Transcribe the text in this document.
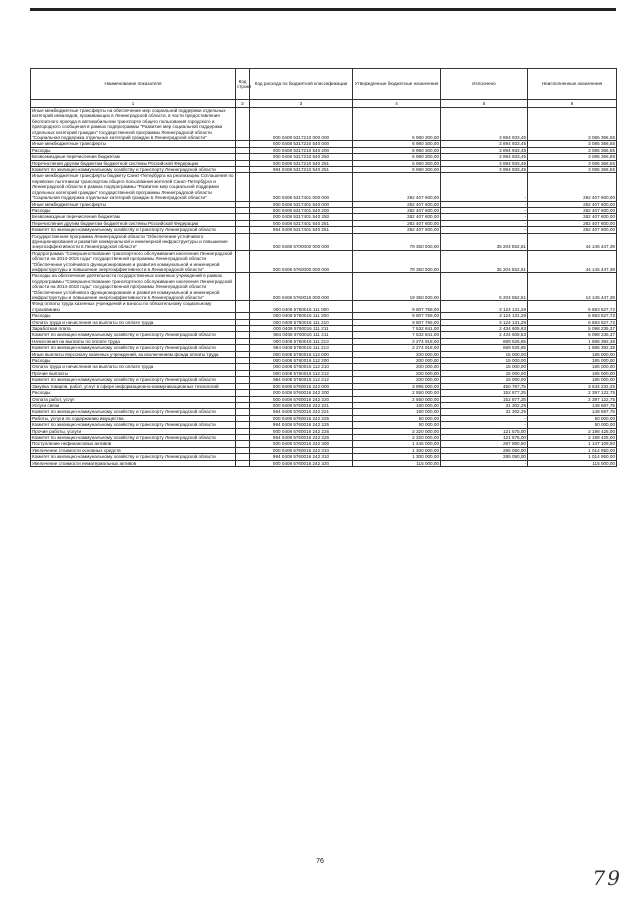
Наименование показателя	Код строки	Код расхода по бюджетной классификации	Утвержденные бюджетные назначения	Исполнено	Неисполненные назначения
1	2	3	4	5	6
Иные межбюджетные трансферты на обеспечение мер социальной поддержки отдельных категорий инвалидов, проживающих в Ленинградской области, в части предоставления бесплатного проезда в автомобильном транспорте общего пользования городского и пригородного сообщения в рамках подпрограммы "Развитие мер социальной поддержки отдельных категорий граждан" государственной программы Ленинградской области "Социальная поддержка отдельных категорий граждан в Ленинградской области"		000 0408 5317210 000 000	6 980 300,00	3 894 933,45	3 085 366,55
Иные межбюджетные трансферты		000 0408 5317210 540 000	6 980 300,00	3 894 933,45	3 085 366,55
Расходы		000 0408 5317210 540 200	6 980 300,00	3 894 933,45	3 085 366,55
Безвозмездные перечисления бюджетам		000 0408 5317210 540 250	6 980 300,00	3 894 933,45	3 085 366,55
Перечисления другим бюджетам бюджетной системы Российской Федерации		000 0408 5317210 540 251	6 980 300,00	3 894 933,45	3 085 366,55
Комитет по жилищно-коммунальному хозяйству и транспорту Ленинградской области		984 0408 5317210 540 251	6 980 300,00	3 894 933,45	3 085 366,55
Иные межбюджетные трансферты бюджету Санкт-Петербурга на реализацию Соглашения по перевозке льготником транспортом общего пользования жителей Санкт-Петербурга и Ленинградской области в рамках подпрограммы "Развитие мер социальной поддержки отдельных категорий граждан" государственной программы Ленинградской области "Социальная поддержка отдельных категорий граждан в Ленинградской области"		000 0408 5317401 000 000	282 407 600,00	-	282 407 600,00
Иные межбюджетные трансферты		000 0408 5317401 540 000	282 407 600,00	-	282 407 600,00
Расходы		000 0408 5317401 540 200	282 407 600,00	-	282 407 600,00
Безвозмездные перечисления бюджетам		000 0408 5317401 540 250	282 407 600,00	-	282 407 600,00
Перечисления другим бюджетам бюджетной системы Российской Федерации		000 0408 5317401 540 251	282 407 600,00	-	282 407 600,00
Комитет по жилищно-коммунальному хозяйству и транспорту Ленинградской области		984 0408 5317401 540 251	282 407 600,00	-	282 407 600,00
Государственная программа Ленинградской области "Обеспечение устойчивого функционирования и развития коммунальной и инженерной инфраструктуры и повышение энергоэффективности в Ленинградской области"		000 0408 5700000 000 000	79 350 000,00	35 204 552,61	44 145 447,39
Подпрограмма "Совершенствование транспортного обслуживания населения Ленинградской области на 2014-2018 годы" государственной программы Ленинградской области "Обеспечение устойчивого функционирования и развития коммунальной и инженерной инфраструктуры и повышение энергоэффективности в Ленинградской области"		000 0408 5760000 000 000	79 350 000,00	35 204 552,61	44 145 447,39
Расходы на обеспечение деятельности государственных казенных учреждений в рамках подпрограммы "Совершенствование транспортного обслуживания населения Ленинградской области на 2014-2018 годы" государственной программы Ленинградской области "Обеспечение устойчивого функционирования и развития коммунальной и инженерной инфраструктуры и повышение энергоэффективности в Ленинградской области"		000 0408 5760016 000 000	19 350 000,00	5 204 552,61	14 145 447,39
Фонд оплаты труда казенных учреждений и взносы по обязательному социальному страхованию		000 0408 5760016 111 000	9 807 759,00	3 124 131,28	6 683 627,72
Расходы		000 0408 5760016 111 200	9 807 759,00	3 124 131,28	6 683 627,72
Оплата труда и начисления на выплаты по оплате труда		000 0408 5760016 111 210	9 807 759,00	3 124 131,28	6 683 627,72
Заработная плата		000 0408 5760016 111 211	7 532 841,00	2 434 605,63	5 098 235,37
Комитет по жилищно-коммунальному хозяйству и транспорту Ленинградской области		984 0408 5760016 111 211	7 532 841,00	2 434 605,63	5 098 235,37
Начисления на выплаты по оплате труда		000 0408 5760016 111 213	2 274 918,00	689 525,65	1 585 392,35
Комитет по жилищно-коммунальному хозяйству и транспорту Ленинградской области		984 0408 5760016 111 213	2 274 918,00	689 525,65	1 585 392,35
Иные выплаты персоналу казенных учреждений, за исключением фонда оплаты труда		000 0408 5760016 112 000	200 000,00	15 000,00	185 000,00
Расходы		000 0408 5760016 112 200	200 000,00	15 000,00	185 000,00
Оплата труда и начисления на выплаты по оплате труда		000 0408 5760016 112 210	200 000,00	15 000,00	185 000,00
Прочие выплаты		000 0408 5760016 112 212	200 000,00	15 000,00	185 000,00
Комитет по жилищно-коммунальному хозяйству и транспорту Ленинградской области		984 0408 5760016 112 212	200 000,00	15 000,00	185 000,00
Закупка товаров, работ, услуг в сфере информационно-коммуникационных технологий		000 0408 5760016 242 000	3 995 000,00	450 767,75	3 544 232,25
Расходы		000 0408 5760016 242 200	2 550 000,00	152 877,25	2 397 122,75
Оплата работ, услуг		000 0408 5760016 242 220	2 550 000,00	152 877,25	2 397 122,75
Услуги связи		000 0408 5760016 242 221	180 000,00	31 302,25	148 697,75
Комитет по жилищно-коммунальному хозяйству и транспорту Ленинградской области		984 0408 5760016 242 221	180 000,00	31 302,25	148 697,75
Работы, услуги по содержанию имущества		000 0408 5760016 242 225	50 000,00	-	50 000,00
Комитет по жилищно-коммунальному хозяйству и транспорту Ленинградской области		984 0408 5760016 242 225	50 000,00	-	50 000,00
Прочие работы, услуги		000 0408 5760016 242 226	2 320 000,00	121 575,00	2 198 425,00
Комитет по жилищно-коммунальному хозяйству и транспорту Ленинградской области		984 0408 5760016 242 226	2 320 000,00	121 575,00	2 198 425,00
Поступление нефинансовых активов		000 0408 5760016 242 300	1 445 000,00	297 890,50	1 147 109,50
Увеличение стоимости основных средств		000 0408 5760016 242 310	1 300 000,00	285 050,00	1 014 950,00
Комитет по жилищно-коммунальному хозяйству и транспорту Ленинградской области		984 0408 5760016 242 310	1 300 000,00	285 050,00	1 014 950,00
Увеличение стоимости нематериальных активов		000 0408 5760016 242 320	115 000,00	-	115 000,00
76
79
